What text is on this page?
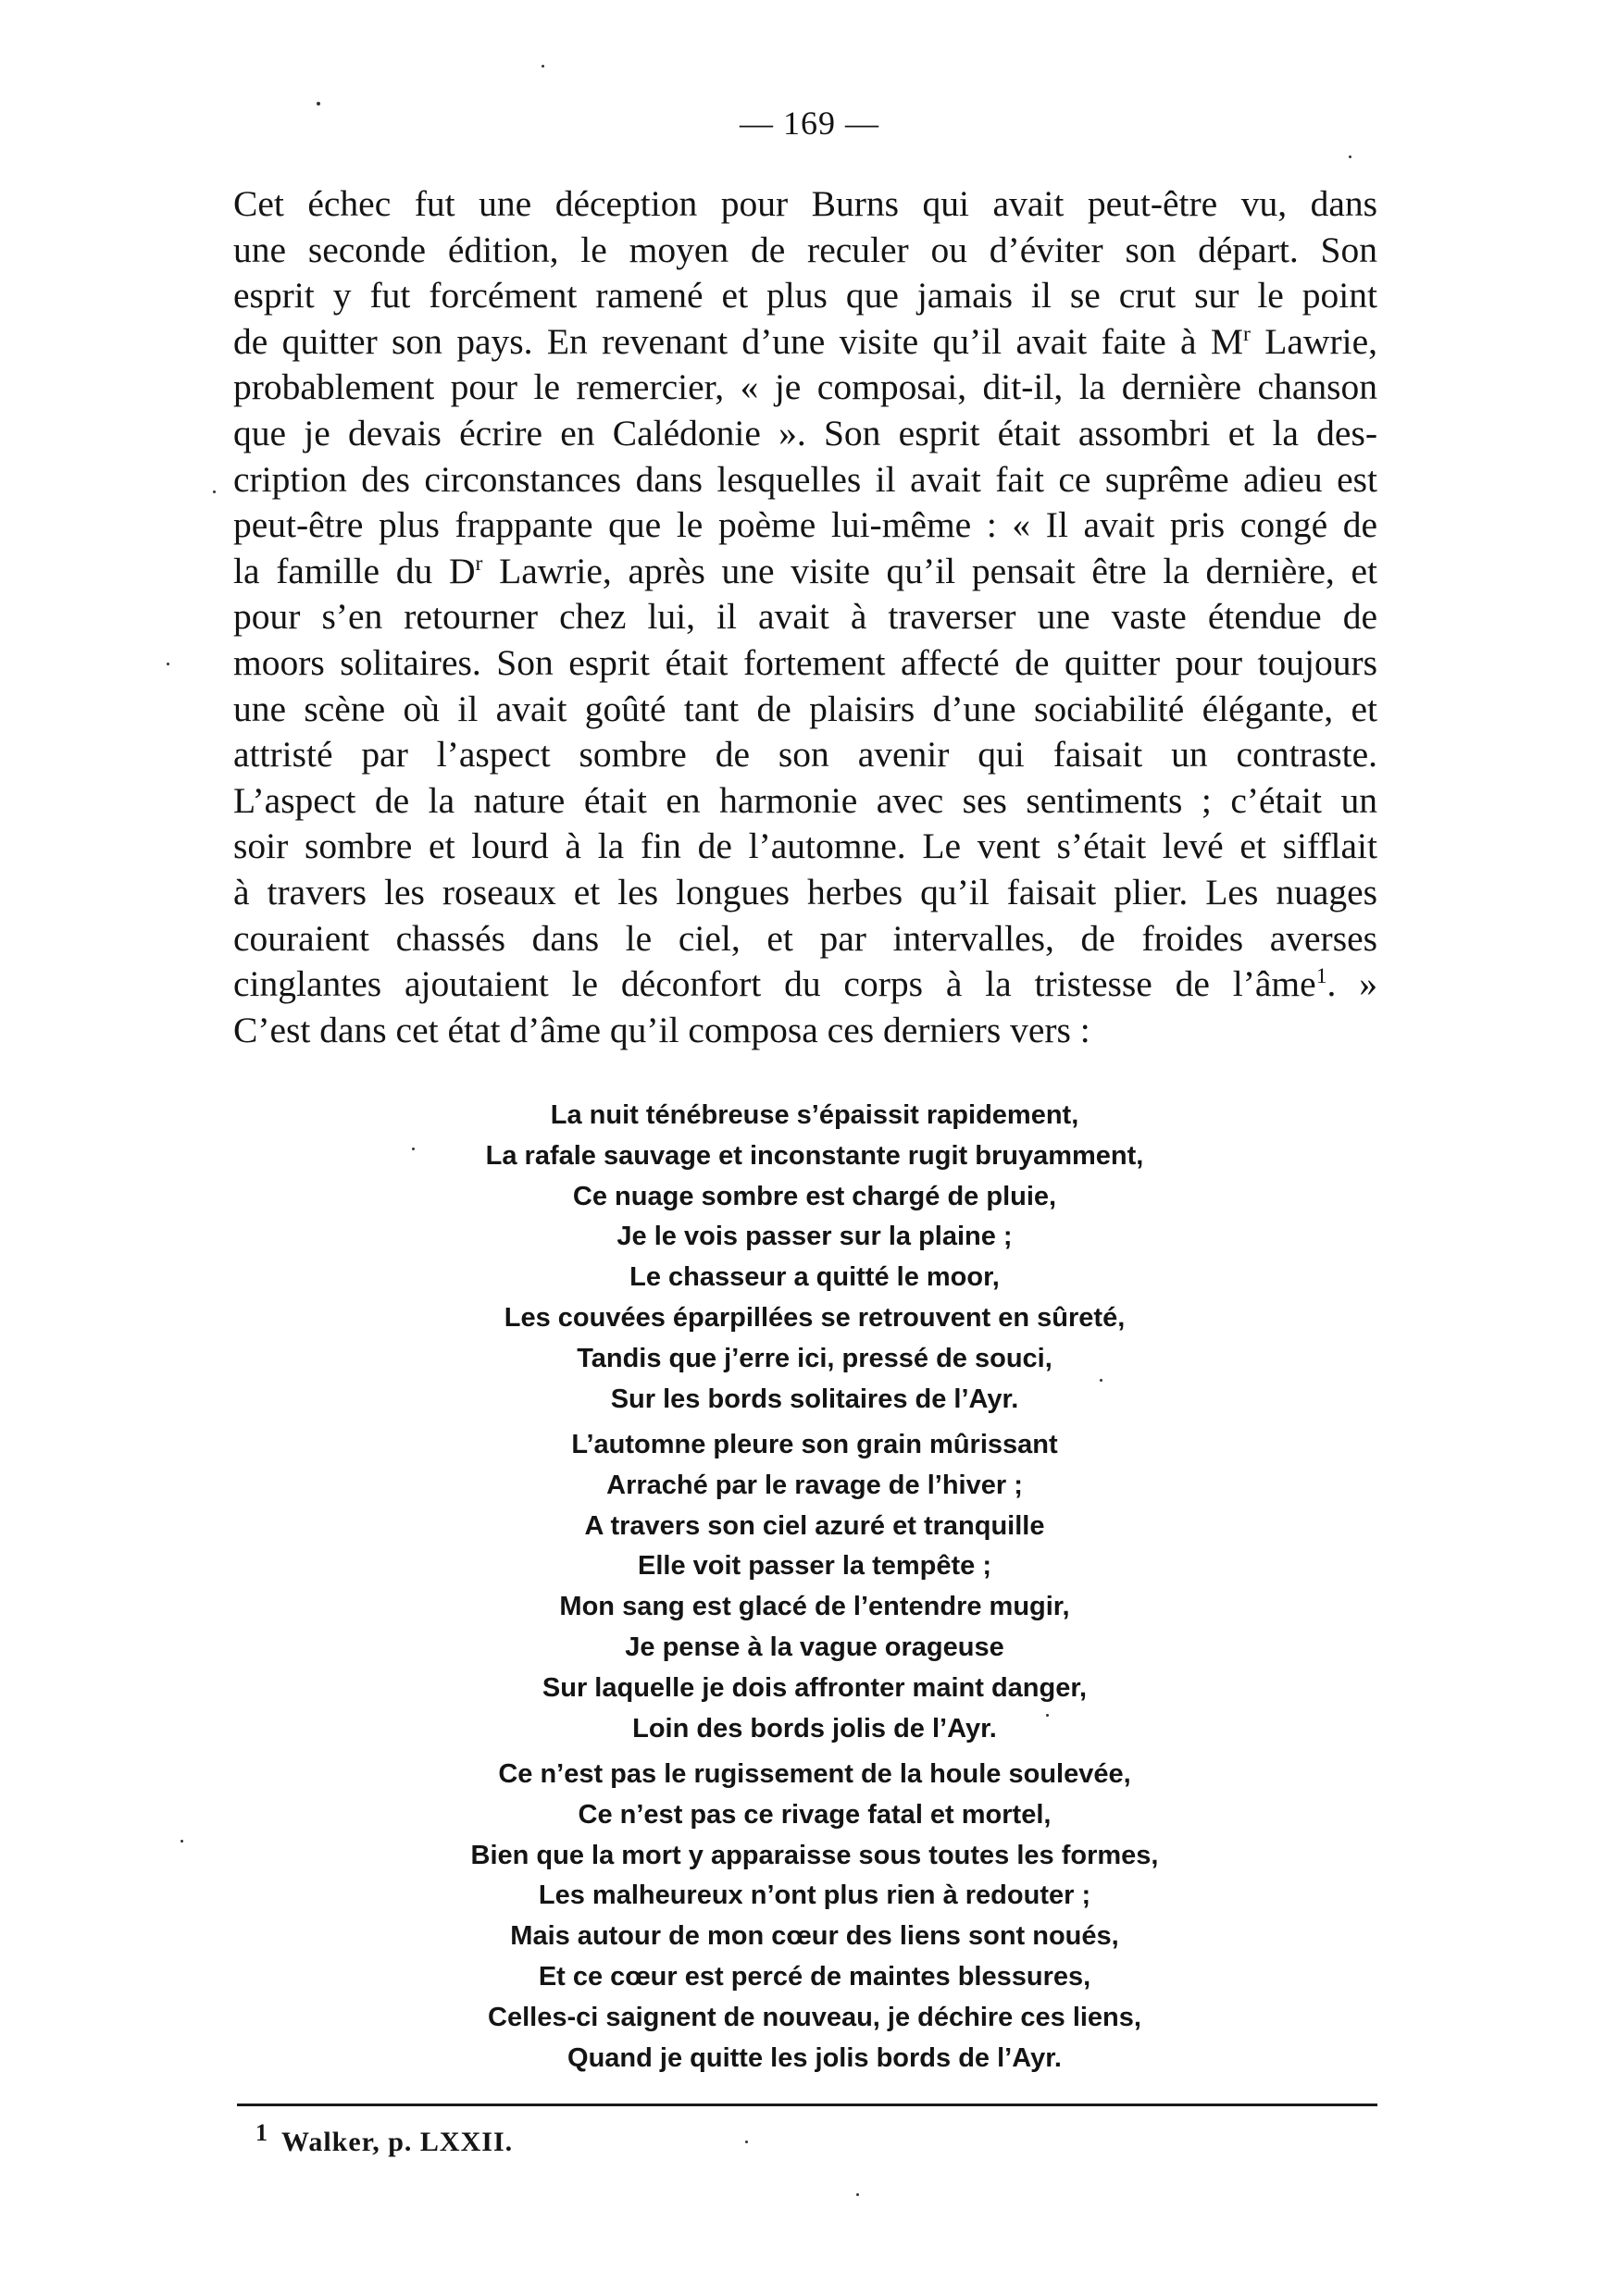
— 169 —
Cet échec fut une déception pour Burns qui avait peut-être vu, dans
une seconde édition, le moyen de reculer ou d’éviter son départ. Son
esprit y fut forcément ramené et plus que jamais il se crut sur le point
de quitter son pays. En revenant d’une visite qu’il avait faite à $M^r$ Lawrie,
probablement pour le remercier, « je composai, dit-il, la dernière chanson
que je devais écrire en Calédonie ». Son esprit était assombri et la des-
cription des circonstances dans lesquelles il avait fait ce suprême adieu est
peut-être plus frappante que le poème lui-même : « Il avait pris congé de
la famille du $D^r$ Lawrie, après une visite qu’il pensait être la dernière, et
pour s’en retourner chez lui, il avait à traverser une vaste étendue de
moors solitaires. Son esprit était fortement affecté de quitter pour toujours
une scène où il avait goûté tant de plaisirs d’une sociabilité élégante, et
attristé par l’aspect sombre de son avenir qui faisait un contraste.
L’aspect de la nature était en harmonie avec ses sentiments ; c’était un
soir sombre et lourd à la fin de l’automne. Le vent s’était levé et sifflait
à travers les roseaux et les longues herbes qu’il faisait plier. Les nuages
couraient chassés dans le ciel, et par intervalles, de froides averses
cinglantes ajoutaient le déconfort du corps à la tristesse de l’âme$^1$. »
C’est dans cet état d’âme qu’il composa ces derniers vers :
La nuit ténébreuse s’épaissit rapidement,
La rafale sauvage et inconstante rugit bruyamment,
Ce nuage sombre est chargé de pluie,
Je le vois passer sur la plaine ;
Le chasseur a quitté le moor,
Les couvées éparpillées se retrouvent en sûreté,
Tandis que j’erre ici, pressé de souci,
Sur les bords solitaires de l’Ayr.
L’automne pleure son grain mûrissant
Arraché par le ravage de l’hiver ;
A travers son ciel azuré et tranquille
Elle voit passer la tempête ;
Mon sang est glacé de l’entendre mugir,
Je pense à la vague orageuse
Sur laquelle je dois affronter maint danger,
Loin des bords jolis de l’Ayr.
Ce n’est pas le rugissement de la houle soulevée,
Ce n’est pas ce rivage fatal et mortel,
Bien que la mort y apparaisse sous toutes les formes,
Les malheureux n’ont plus rien à redouter ;
Mais autour de mon cœur des liens sont noués,
Et ce cœur est percé de maintes blessures,
Celles-ci saignent de nouveau, je déchire ces liens,
Quand je quitte les jolis bords de l’Ayr.
1 Walker, p. LXXII.
